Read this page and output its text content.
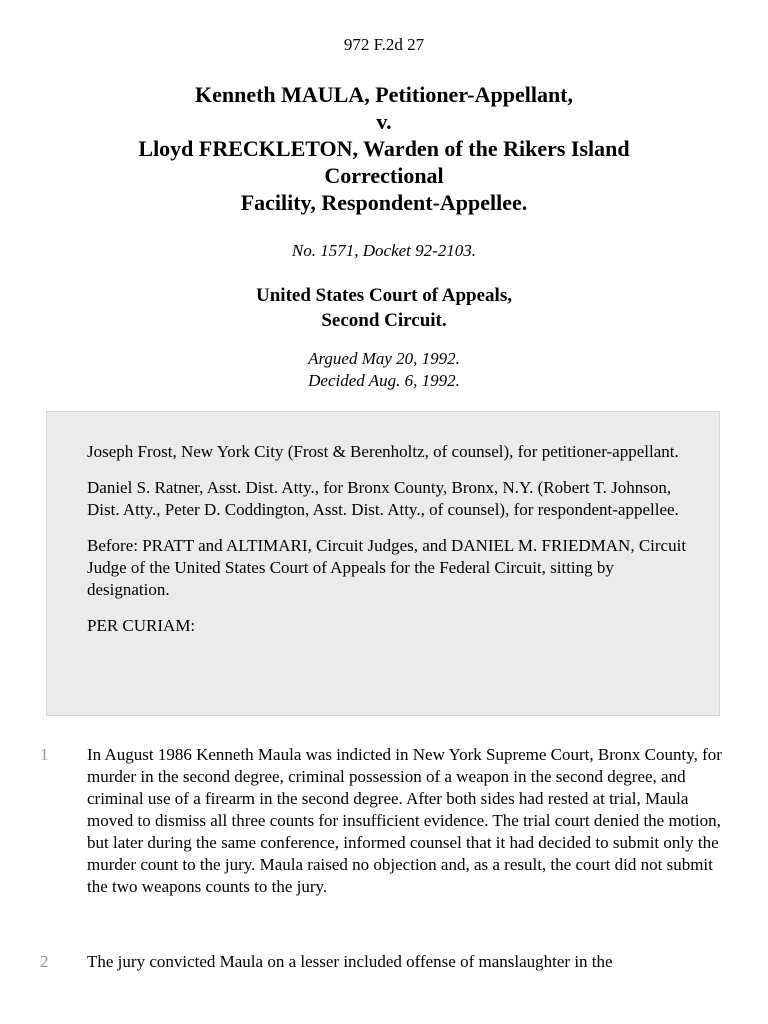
972 F.2d 27
Kenneth MAULA, Petitioner-Appellant,
v.
Lloyd FRECKLETON, Warden of the Rikers Island
Correctional
Facility, Respondent-Appellee.
No. 1571, Docket 92-2103.
United States Court of Appeals,
Second Circuit.
Argued May 20, 1992.
Decided Aug. 6, 1992.

Joseph Frost, New York City (Frost & Berenholtz, of counsel), for petitioner-appellant.

Daniel S. Ratner, Asst. Dist. Atty., for Bronx County, Bronx, N.Y. (Robert T. Johnson, Dist. Atty., Peter D. Coddington, Asst. Dist. Atty., of counsel), for respondent-appellee.

Before: PRATT and ALTIMARI, Circuit Judges, and DANIEL M. FRIEDMAN, Circuit Judge of the United States Court of Appeals for the Federal Circuit, sitting by designation.

PER CURIAM:

1	In August 1986 Kenneth Maula was indicted in New York Supreme Court, Bronx County, for murder in the second degree, criminal possession of a weapon in the second degree, and criminal use of a firearm in the second degree. After both sides had rested at trial, Maula moved to dismiss all three counts for insufficient evidence. The trial court denied the motion, but later during the same conference, informed counsel that it had decided to submit only the murder count to the jury. Maula raised no objection and, as a result, the court did not submit the two weapons counts to the jury.
2	The jury convicted Maula on a lesser included offense of manslaughter in the
